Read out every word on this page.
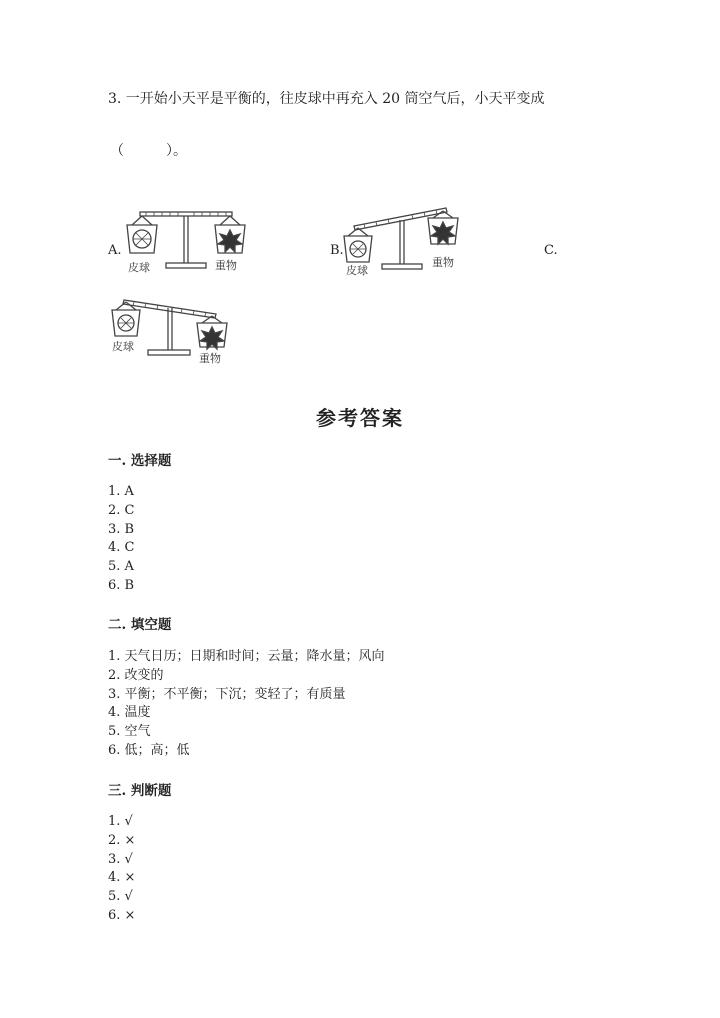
3. 一开始小天平是平衡的，往皮球中再充入 20 筒空气后，小天平变成
（　　　）。
A.
皮球	重物
B.
皮球
重物
C.
皮球
重物
参考答案
一. 选择题
1. A
2. C
3. B
4. C
5. A
6. B
二. 填空题
1. 天气日历；日期和时间；云量；降水量；风向
2. 改变的
3. 平衡；不平衡；下沉；变轻了；有质量
4. 温度
5. 空气
6. 低；高；低
三. 判断题
1. √
2. ×
3. √
4. ×
5. √
6. ×
